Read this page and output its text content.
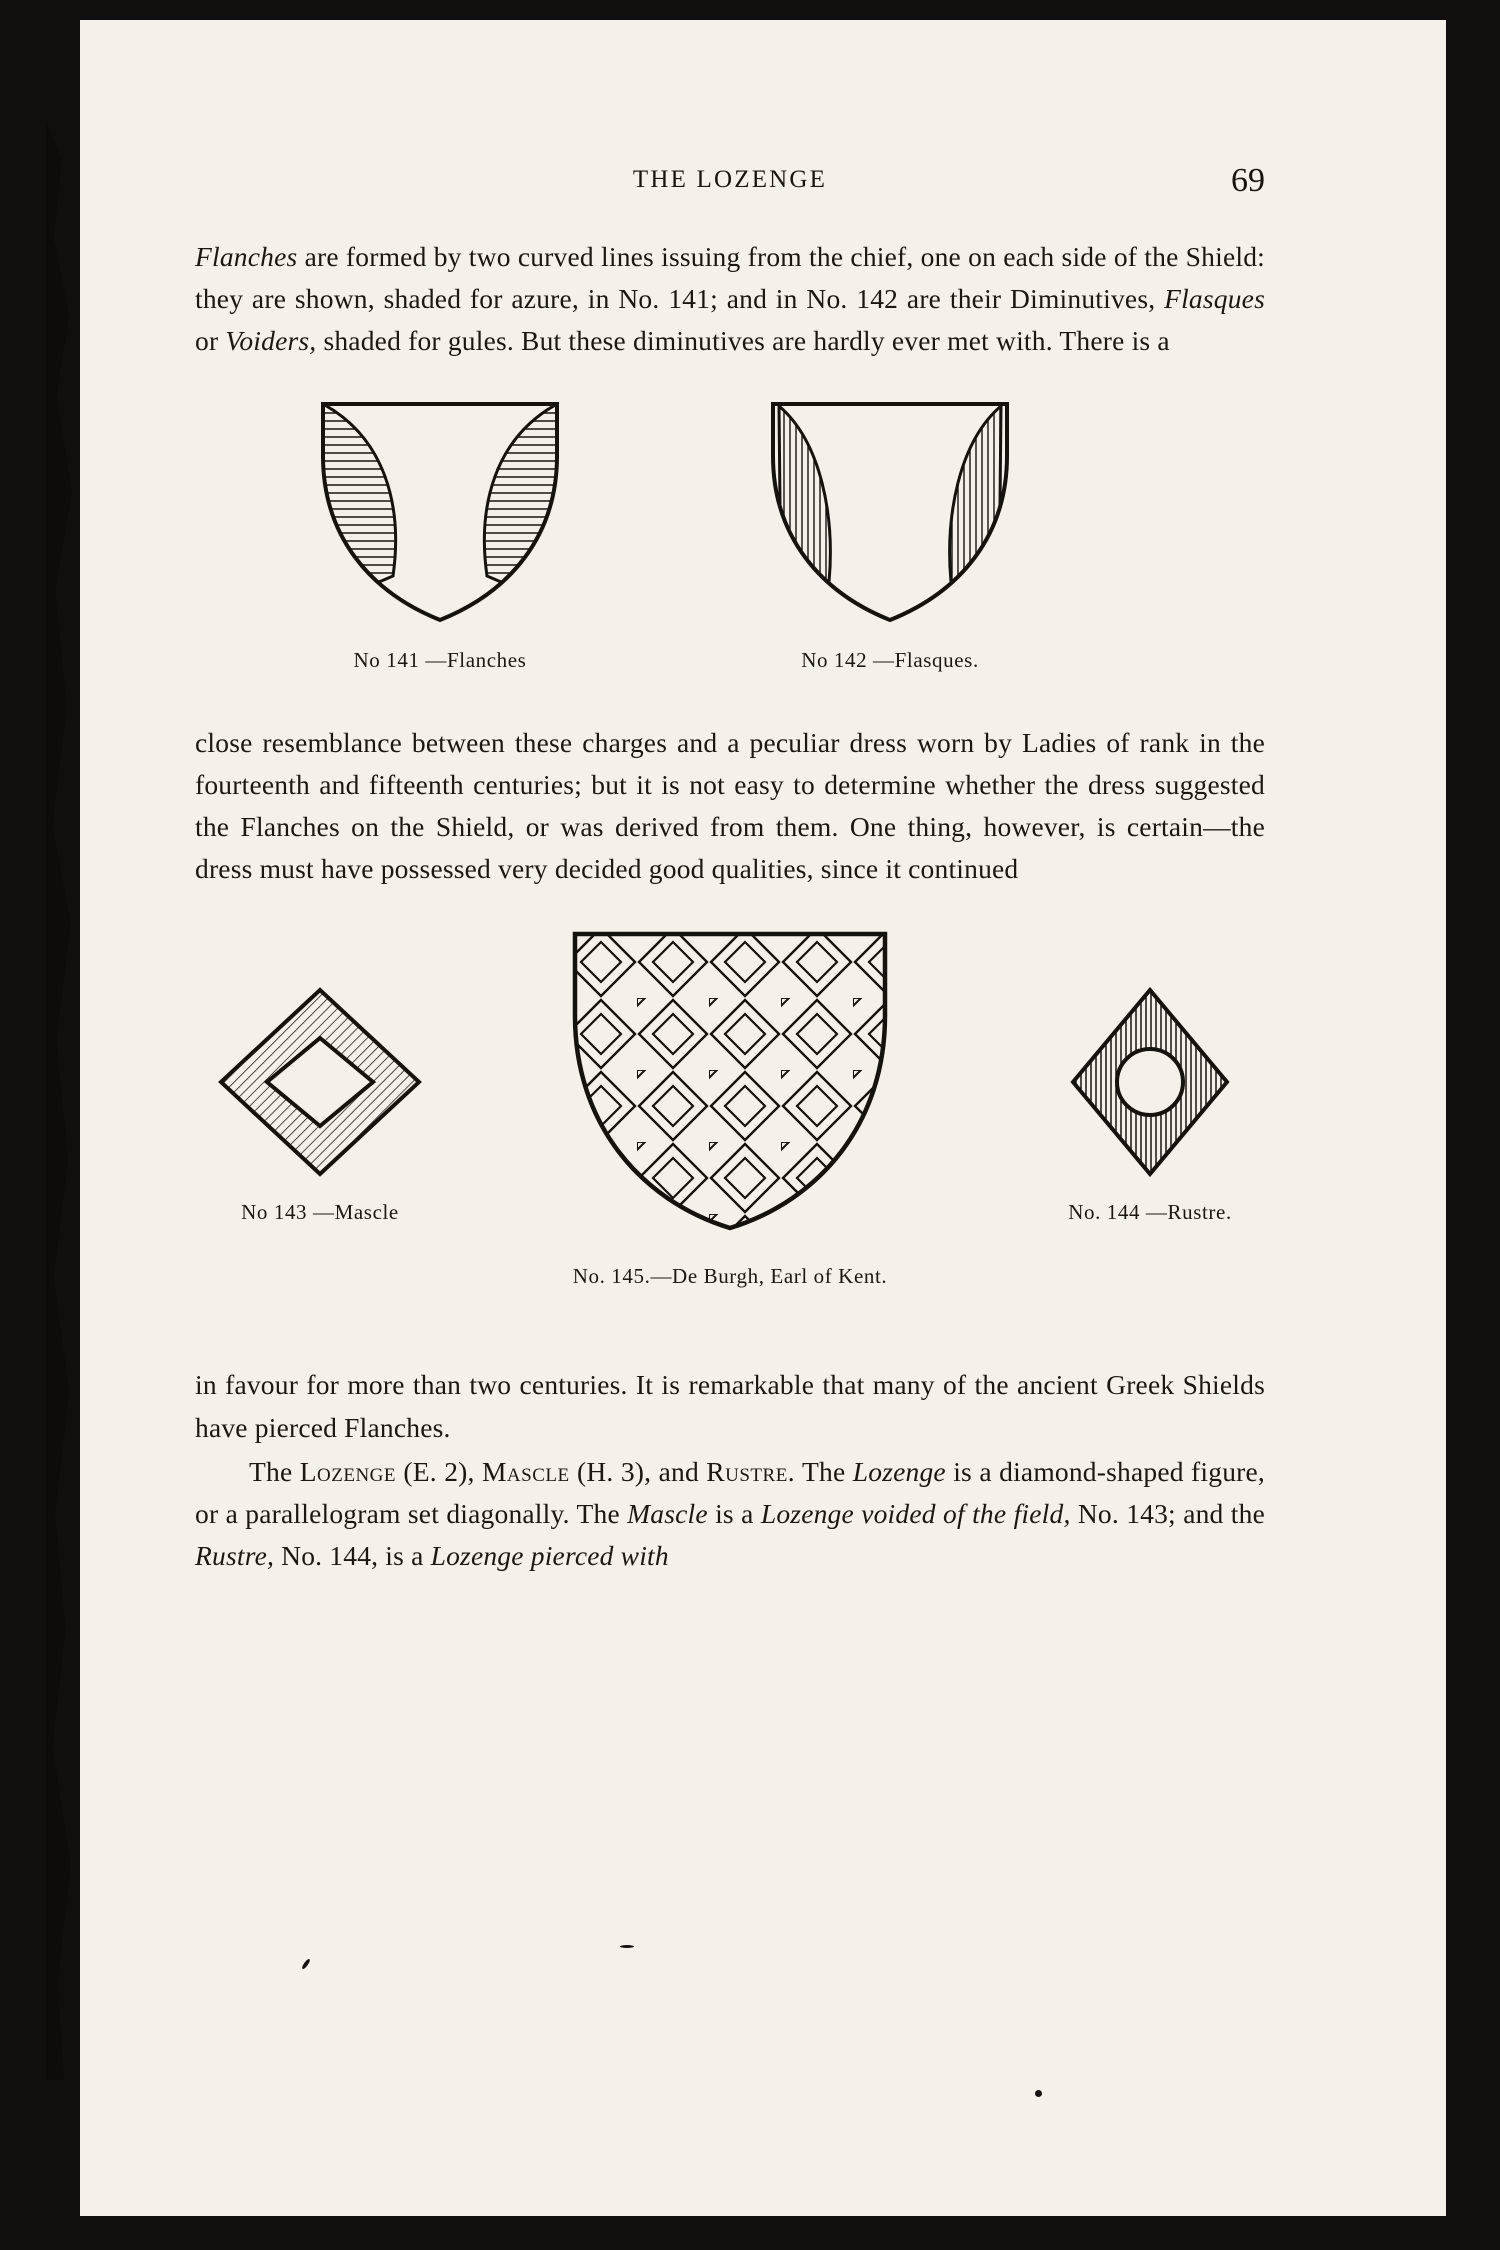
THE LOZENGE	69

Flanches are formed by two curved lines issuing from the chief, one on each side of the Shield: they are shown, shaded for azure, in No. 141; and in No. 142 are their Diminutives, Flasques or Voiders, shaded for gules. But these diminutives are hardly ever met with. There is a

No 141 —Flanches	No 142 —Flasques.

close resemblance between these charges and a peculiar dress worn by Ladies of rank in the fourteenth and fifteenth centuries; but it is not easy to determine whether the dress suggested the Flanches on the Shield, or was derived from them. One thing, however, is certain—the dress must have possessed very decided good qualities, since it continued

No 143 —Mascle
No. 145.—De Burgh, Earl of Kent.
No. 144 —Rustre.

in favour for more than two centuries. It is remarkable that many of the ancient Greek Shields have pierced Flanches.

The Lozenge (E. 2), Mascle (H. 3), and Rustre. The Lozenge is a diamond-shaped figure, or a parallelogram set diagonally. The Mascle is a Lozenge voided of the field, No. 143; and the Rustre, No. 144, is a Lozenge pierced with
